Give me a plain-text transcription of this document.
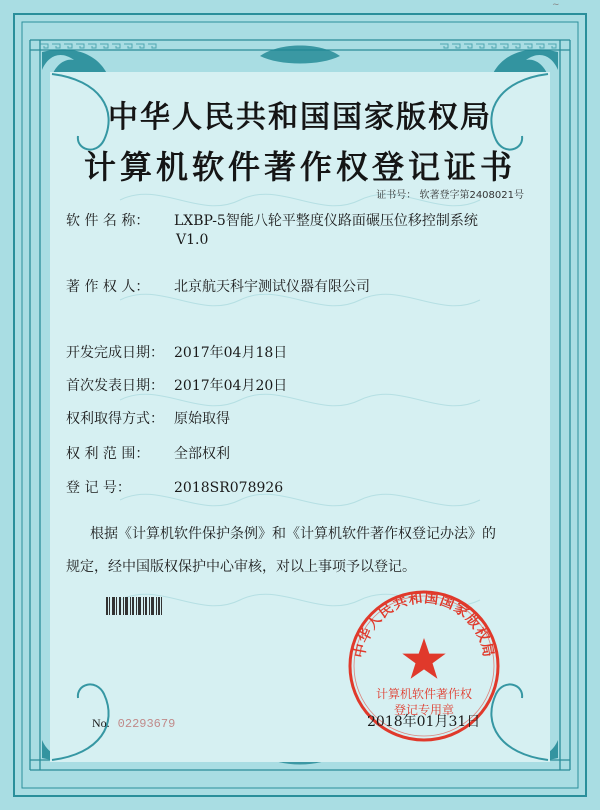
~
中华人民共和国国家版权局
计算机软件著作权登记证书
证书号： 软著登字第2408021号
软 件 名 称： LXBP-5智能八轮平整度仪路面碾压位移控制系统
V1.0
著 作 权 人： 北京航天科宇测试仪器有限公司
开发完成日期： 2017年04月18日
首次发表日期： 2017年04月20日
权利取得方式： 原始取得
权 利 范 围： 全部权利
登 记 号：	2018SR078926
根据《计算机软件保护条例》和《计算机软件著作权登记办法》的
规定，经中国版权保护中心审核，对以上事项予以登记。
No. 02293679
中华人民共和国国家版权局
计算机软件著作权
登记专用章
2018年01月31日
